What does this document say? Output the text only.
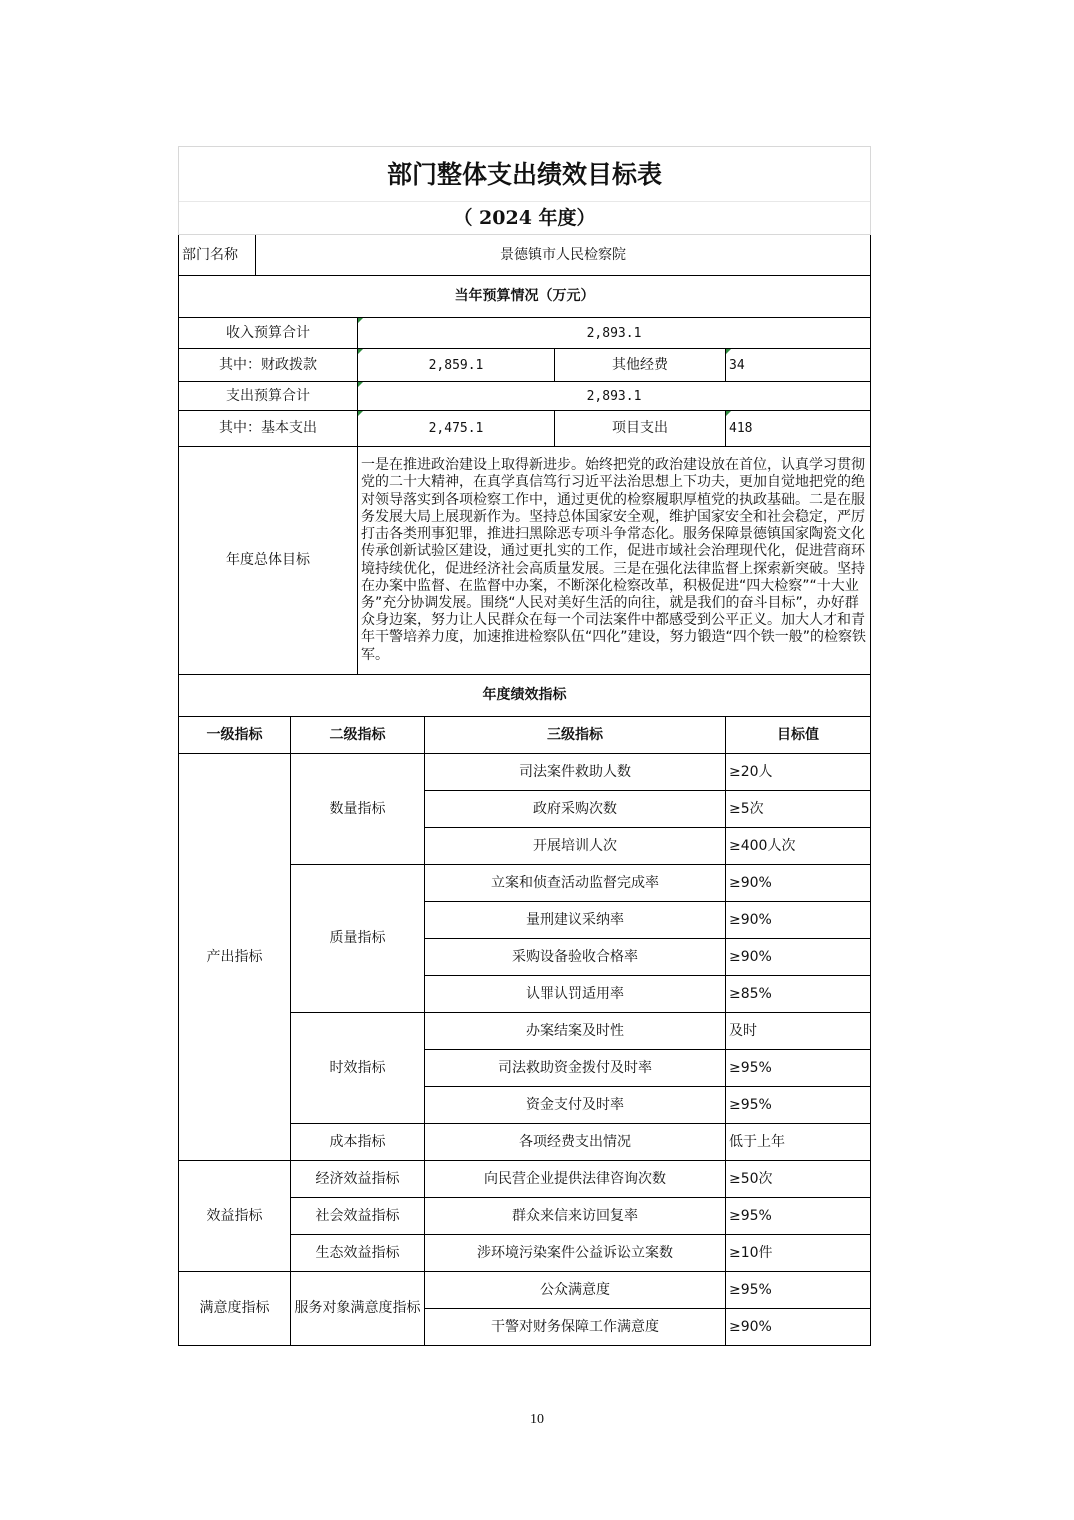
部门整体支出绩效目标表						
（ 2024 年度）						
部门名称	景德镇市人民检察院					
当年预算情况（万元）						
收入预算合计			2,893.1			
其中：财政拨款			2,859.1		其他经费	34
支出预算合计			2,893.1			
其中：基本支出			2,475.1		项目支出	418
年度总体目标			一是在推进政治建设上取得新进步。始终把党的政治建设放在首位，认真学习贯彻党的二十大精神，在真学真信笃行习近平法治思想上下功夫，更加自觉地把党的绝对领导落实到各项检察工作中，通过更优的检察履职厚植党的执政基础。二是在服务发展大局上展现新作为。坚持总体国家安全观，维护国家安全和社会稳定，严厉打击各类刑事犯罪，推进扫黑除恶专项斗争常态化。服务保障景德镇国家陶瓷文化传承创新试验区建设，通过更扎实的工作，促进市域社会治理现代化，促进营商环境持续优化，促进经济社会高质量发展。三是在强化法律监督上探索新突破。坚持在办案中监督、在监督中办案，不断深化检察改革，积极促进“四大检察”“十大业务”充分协调发展。围绕“人民对美好生活的向往，就是我们的奋斗目标”，办好群众身边案，努力让人民群众在每一个司法案件中都感受到公平正义。加大人才和青年干警培养力度，加速推进检察队伍“四化”建设，努力锻造“四个铁一般”的检察铁军。			
年度绩效指标						
一级指标		二级指标		三级指标		目标值
产出指标		数量指标		司法案件救助人数		≥20人
				政府采购次数		≥5次
				开展培训人次		≥400人次
		质量指标		立案和侦查活动监督完成率		≥90%
				量刑建议采纳率		≥90%
				采购设备验收合格率		≥90%
				认罪认罚适用率		≥85%
		时效指标		办案结案及时性		及时
				司法救助资金拨付及时率		≥95%
				资金支付及时率		≥95%
		成本指标		各项经费支出情况		低于上年
效益指标		经济效益指标		向民营企业提供法律咨询次数		≥50次
		社会效益指标		群众来信来访回复率		≥95%
		生态效益指标		涉环境污染案件公益诉讼立案数		≥10件
满意度指标		服务对象满意度指标		公众满意度		≥95%
				干警对财务保障工作满意度		≥90%
10
